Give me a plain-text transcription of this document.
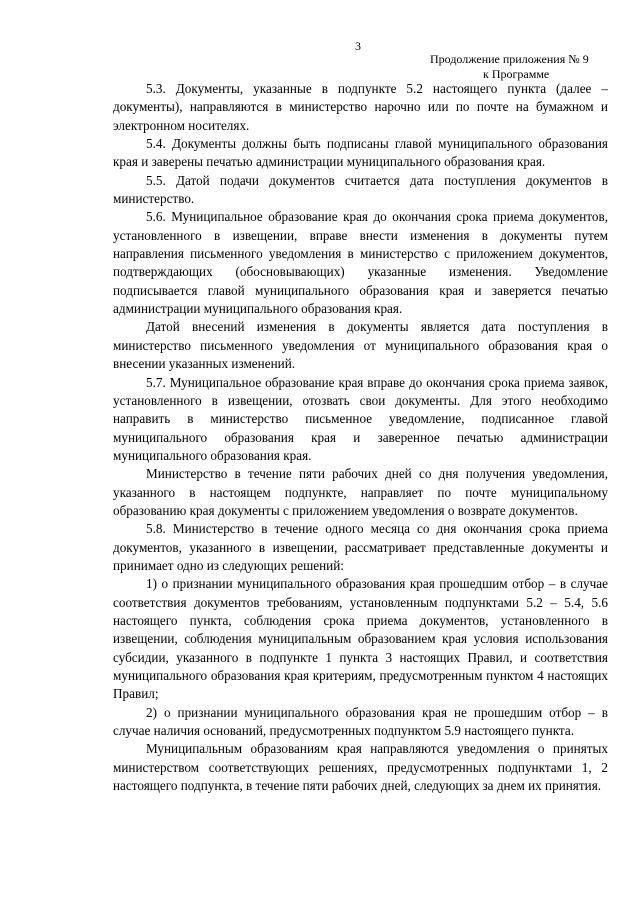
3
Продолжение приложения № 9
к Программе

5.3. Документы, указанные в подпункте 5.2 настоящего пункта (далее – документы), направляются в министерство нарочно или по почте на бумажном и электронном носителях.

5.4. Документы должны быть подписаны главой муниципального образования края и заверены печатью администрации муниципального образования края.

5.5. Датой подачи документов считается дата поступления документов в министерство.

5.6. Муниципальное образование края до окончания срока приема документов, установленного в извещении, вправе внести изменения в документы путем направления письменного уведомления в министерство с приложением документов, подтверждающих (обосновывающих) указанные изменения. Уведомление подписывается главой муниципального образования края и заверяется печатью администрации муниципального образования края.

Датой внесений изменения в документы является дата поступления в министерство письменного уведомления от муниципального образования края о внесении указанных изменений.

5.7. Муниципальное образование края вправе до окончания срока приема заявок, установленного в извещении, отозвать свои документы. Для этого необходимо направить в министерство письменное уведомление, подписанное главой муниципального образования края и заверенное печатью администрации муниципального образования края.

Министерство в течение пяти рабочих дней со дня получения уведомления, указанного в настоящем подпункте, направляет по почте муниципальному образованию края документы с приложением уведомления о возврате документов.

5.8. Министерство в течение одного месяца со дня окончания срока приема документов, указанного в извещении, рассматривает представленные документы и принимает одно из следующих решений:

1) о признании муниципального образования края прошедшим отбор – в случае соответствия документов требованиям, установленным подпунктами 5.2 – 5.4, 5.6 настоящего пункта, соблюдения срока приема документов, установленного в извещении, соблюдения муниципальным образованием края условия использования субсидии, указанного в подпункте 1 пункта 3 настоящих Правил, и соответствия муниципального образования края критериям, предусмотренным пунктом 4 настоящих Правил;

2) о признании муниципального образования края не прошедшим отбор – в случае наличия оснований, предусмотренных подпунктом 5.9 настоящего пункта.

Муниципальным образованиям края направляются уведомления о принятых министерством соответствующих решениях, предусмотренных подпунктами 1, 2 настоящего подпункта, в течение пяти рабочих дней, следующих за днем их принятия.
